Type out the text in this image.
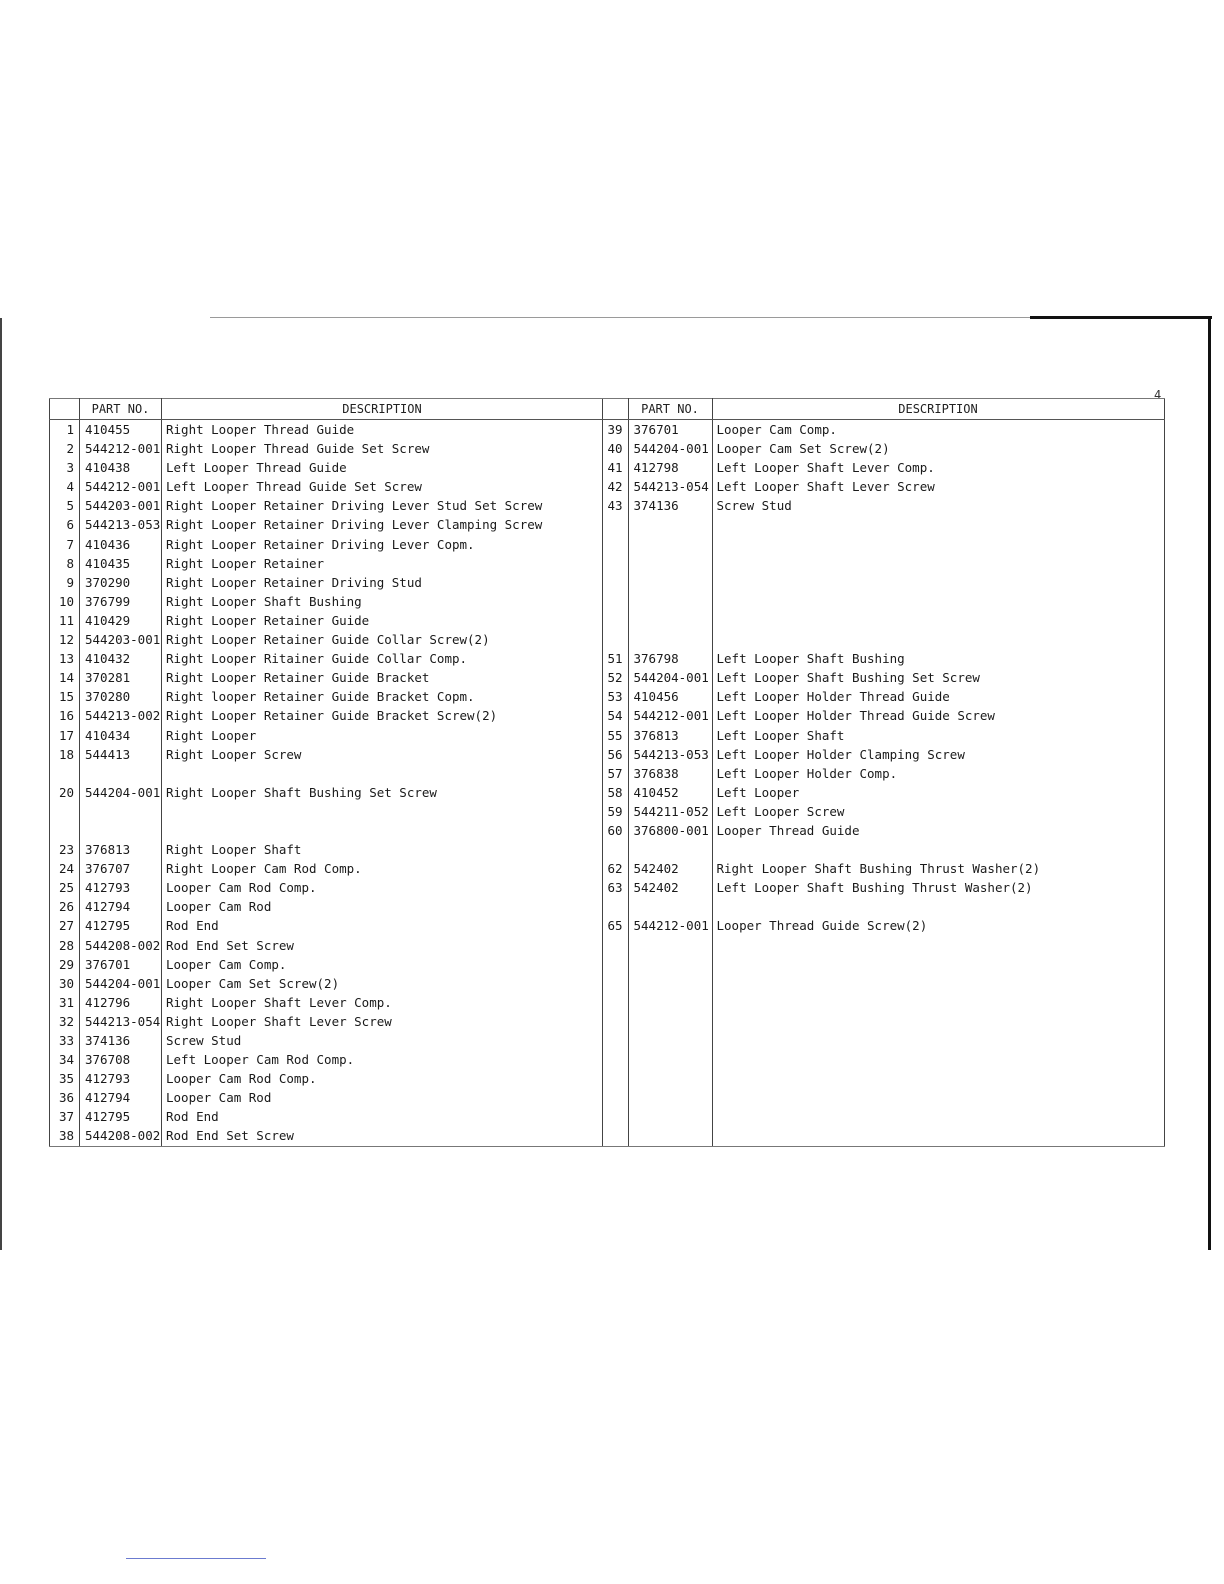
4
	PART NO.	DESCRIPTION
1	410455	Right Looper Thread Guide
2	544212-001	Right Looper Thread Guide Set Screw
3	410438	Left Looper Thread Guide
4	544212-001	Left Looper Thread Guide Set Screw
5	544203-001	Right Looper Retainer Driving Lever Stud Set Screw
6	544213-053	Right Looper Retainer Driving Lever Clamping Screw
7	410436	Right Looper Retainer Driving Lever Copm.
8	410435	Right Looper Retainer
9	370290	Right Looper Retainer Driving Stud
10	376799	Right Looper Shaft Bushing
11	410429	Right Looper Retainer Guide
12	544203-001	Right Looper Retainer Guide Collar Screw(2)
13	410432	Right Looper Ritainer Guide Collar Comp.
14	370281	Right Looper Retainer Guide Bracket
15	370280	Right looper Retainer Guide Bracket Copm.
16	544213-002	Right Looper Retainer Guide Bracket Screw(2)
17	410434	Right Looper
18	544413	Right Looper Screw

20	544204-001	Right Looper Shaft Bushing Set Screw

23	376813	Right Looper Shaft
24	376707	Right Looper Cam Rod Comp.
25	412793	Looper Cam Rod Comp.
26	412794	Looper Cam Rod
27	412795	Rod End
28	544208-002	Rod End Set Screw
29	376701	Looper Cam Comp.
30	544204-001	Looper Cam Set Screw(2)
31	412796	Right Looper Shaft Lever Comp.
32	544213-054	Right Looper Shaft Lever Screw
33	374136	Screw Stud
34	376708	Left Looper Cam Rod Comp.
35	412793	Looper Cam Rod Comp.
36	412794	Looper Cam Rod
37	412795	Rod End
38	544208-002	Rod End Set Screw
	PART NO.	DESCRIPTION
39	376701	Looper Cam Comp.
40	544204-001	Looper Cam Set Screw(2)
41	412798	Left Looper Shaft Lever Comp.
42	544213-054	Left Looper Shaft Lever Screw
43	374136	Screw Stud

51	376798	Left Looper Shaft Bushing
52	544204-001	Left Looper Shaft Bushing Set Screw
53	410456	Left Looper Holder Thread Guide
54	544212-001	Left Looper Holder Thread Guide Screw
55	376813	Left Looper Shaft
56	544213-053	Left Looper Holder Clamping Screw
57	376838	Left Looper Holder Comp.
58	410452	Left Looper
59	544211-052	Left Looper Screw
60	376800-001	Looper Thread Guide

62	542402	Right Looper Shaft Bushing Thrust Washer(2)
63	542402	Left Looper Shaft Bushing Thrust Washer(2)

65	544212-001	Looper Thread Guide Screw(2)
